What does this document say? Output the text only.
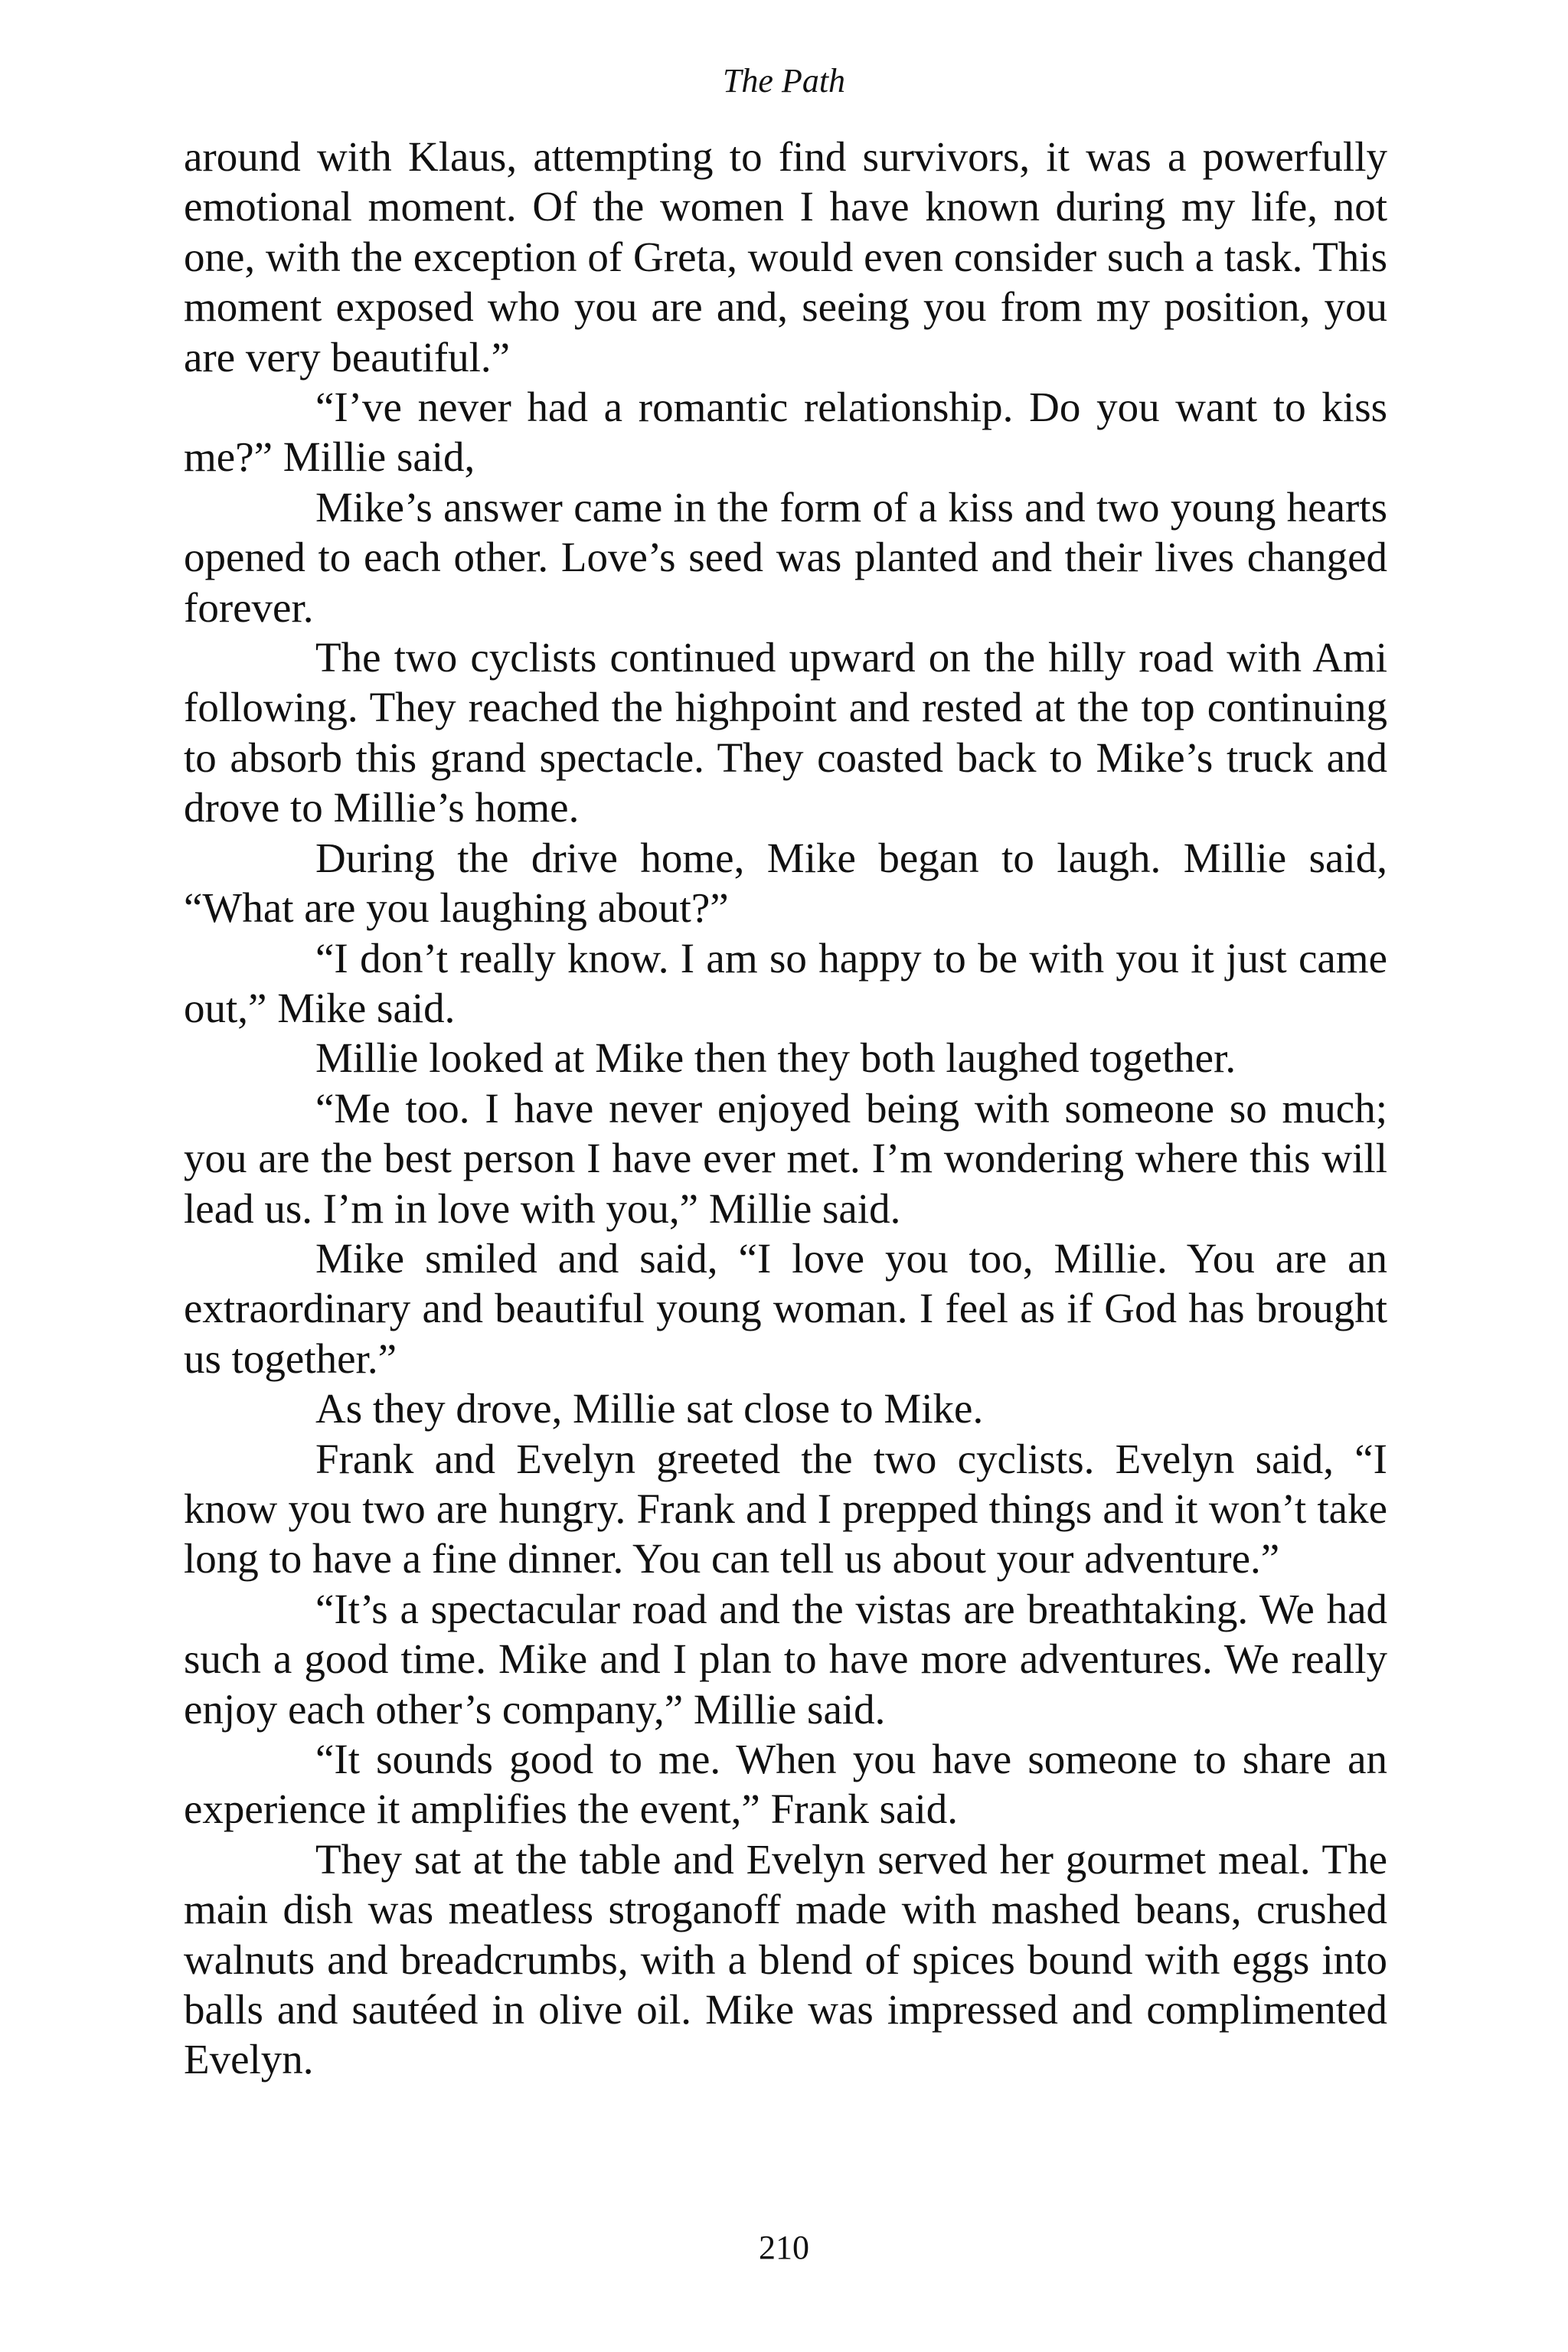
The Path

around with Klaus, attempting to find survivors, it was a powerfully emotional moment. Of the women I have known during my life, not one, with the exception of Greta, would even consider such a task. This moment exposed who you are and, seeing you from my position, you are very beautiful.”

“I’ve never had a romantic relationship. Do you want to kiss me?” Millie said,

Mike’s answer came in the form of a kiss and two young hearts opened to each other. Love’s seed was planted and their lives changed forever.

The two cyclists continued upward on the hilly road with Ami following. They reached the highpoint and rested at the top continuing to absorb this grand spectacle. They coasted back to Mike’s truck and drove to Millie’s home.

During the drive home, Mike began to laugh. Millie said, “What are you laughing about?”

“I don’t really know. I am so happy to be with you it just came out,” Mike said.

Millie looked at Mike then they both laughed together.

“Me too. I have never enjoyed being with someone so much; you are the best person I have ever met. I’m wondering where this will lead us. I’m in love with you,” Millie said.

Mike smiled and said, “I love you too, Millie. You are an extraordinary and beautiful young woman. I feel as if God has brought us together.”

As they drove, Millie sat close to Mike.

Frank and Evelyn greeted the two cyclists. Evelyn said, “I know you two are hungry. Frank and I prepped things and it won’t take long to have a fine dinner. You can tell us about your adventure.”

“It’s a spectacular road and the vistas are breathtaking. We had such a good time. Mike and I plan to have more adventures. We really enjoy each other’s company,” Millie said.

“It sounds good to me. When you have someone to share an experience it amplifies the event,” Frank said.

They sat at the table and Evelyn served her gourmet meal. The main dish was meatless stroganoff made with mashed beans, crushed walnuts and breadcrumbs, with a blend of spices bound with eggs into balls and sautéed in olive oil. Mike was impressed and complimented Evelyn.

210
